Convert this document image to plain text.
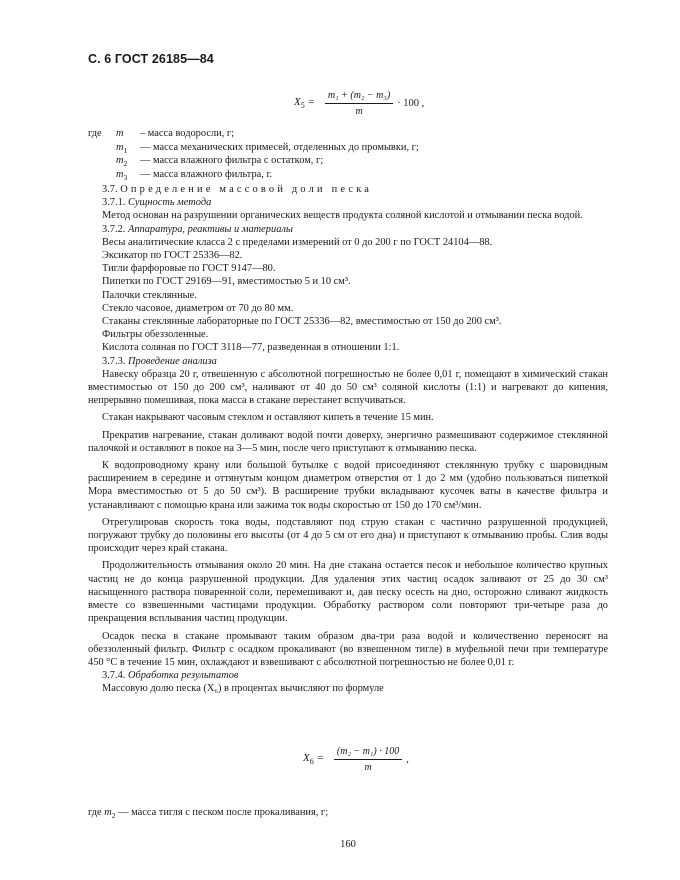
С. 6 ГОСТ 26185—84
$X_5 = \frac{\text{m₁ + (m₂ − m₃)}}{m} \cdot 100$ ,
где	m	– масса водоросли, г;
$m_1$	— масса механических примесей, отделенных до промывки, г;
$m_2$	— масса влажного фильтра с остатком, г;
$m_3$	— масса влажного фильтра, г.

3.7. Определение массовой доли песка

3.7.1. Сущность метода

Метод основан на разрушении органических веществ продукта соляной кислотой и отмывании песка водой.

3.7.2. Аппаратура, реактивы и материалы

Весы аналитические класса 2 с пределами измерений от 0 до 200 г по ГОСТ 24104—88.

Эксикатор по ГОСТ 25336—82.

Тигли фарфоровые по ГОСТ 9147—80.

Пипетки по ГОСТ 29169—91, вместимостью 5 и 10 см³.

Палочки стеклянные.

Стекло часовое, диаметром от 70 до 80 мм.

Стаканы стеклянные лабораторные по ГОСТ 25336—82, вместимостью от 150 до 200 см³.

Фильтры обеззоленные.

Кислота соляная по ГОСТ 3118—77, разведенная в отношении 1:1.

3.7.3. Проведение анализа

Навеску образца 20 г, отвешенную с абсолютной погрешностью не более 0,01 г, помещают в химический стакан вместимостью от 150 до 200 см³, наливают от 40 до 50 см³ соляной кислоты (1:1) и нагревают до кипения, непрерывно помешивая, пока масса в стакане перестанет вспучиваться.

Стакан накрывают часовым стеклом и оставляют кипеть в течение 15 мин.

Прекратив нагревание, стакан доливают водой почти доверху, энергично размешивают содержимое стеклянной палочкой и оставляют в покое на 3—5 мин, после чего приступают к отмыванию песка.

К водопроводному крану или большой бутылке с водой присоединяют стеклянную трубку с шаровидным расширением в середине и оттянутым концом диаметром отверстия от 1 до 2 мм (удобно пользоваться пипеткой Мора вместимостью от 5 до 50 см³). В расширение трубки вкладывают кусочек ваты в качестве фильтра и устанавливают с помощью крана или зажима ток воды скоростью от 150 до 170 см³/мин.

Отрегулировав скорость тока воды, подставляют под струю стакан с частично разрушенной продукцией, погружают трубку до половины его высоты (от 4 до 5 см от его дна) и приступают к отмыванию пробы. Слив воды происходит через край стакана.

Продолжительность отмывания около 20 мин. На дне стакана остается песок и небольшое количество крупных частиц не до конца разрушенной продукции. Для удаления этих частиц осадок заливают от 25 до 30 см³ насыщенного раствора поваренной соли, перемешивают и, дав песку осесть на дно, осторожно сливают жидкость вместе со взвешенными частицами продукции. Обработку раствором соли повторяют три-четыре раза до прекращения всплывания частиц продукции.

Осадок песка в стакане промывают таким образом два-три раза водой и количественно переносят на обеззоленный фильтр. Фильтр с осадком прокаливают (во взвешенном тигле) в муфельной печи при температуре 450 °С в течение 15 мин, охлаждают и взвешивают с абсолютной погрешностью не более 0,01 г.

3.7.4. Обработка результатов

Массовую долю песка (X₆) в процентах вычисляют по формуле

$X_6 = \frac{\text{(m₂ − m₁) · 100}}{m}$ ,
где $m_2$ — масса тигля с песком после прокаливания, г;
160
